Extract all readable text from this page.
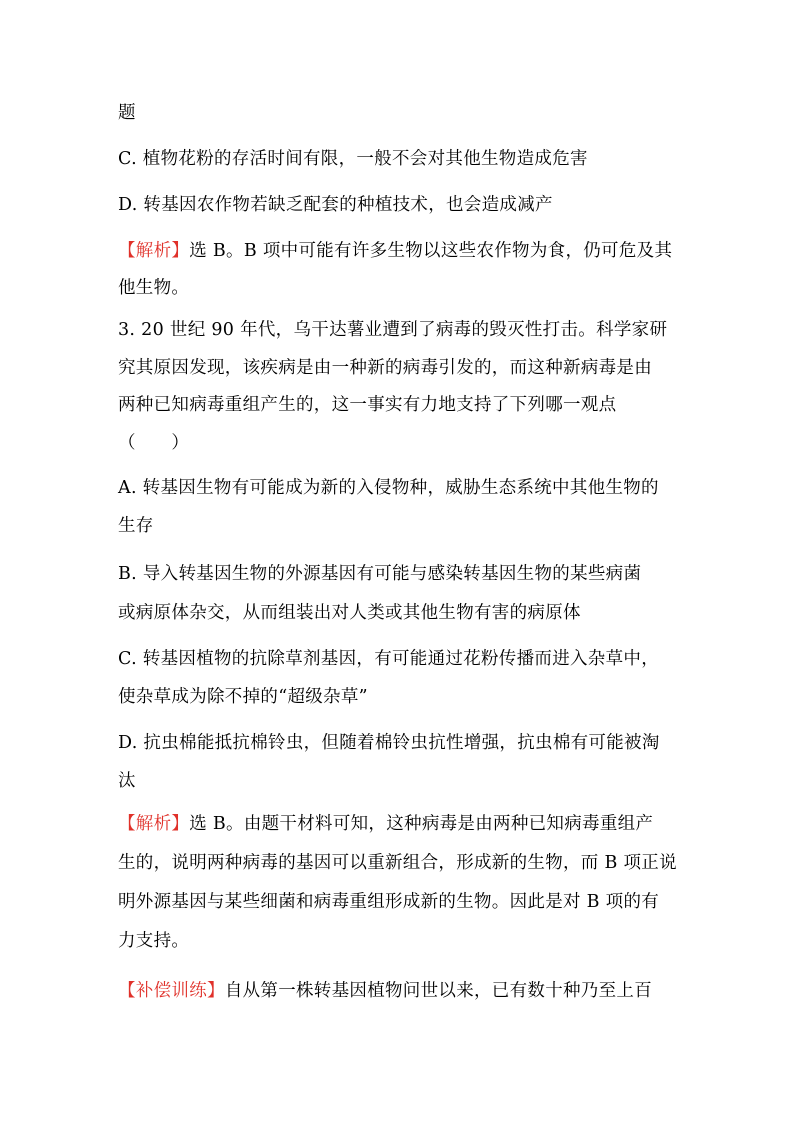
题

C. 植物花粉的存活时间有限，一般不会对其他生物造成危害

D. 转基因农作物若缺乏配套的种植技术，也会造成减产

【解析】选 B。B 项中可能有许多生物以这些农作物为食，仍可危及其

他生物。

3. 20 世纪 90 年代，乌干达薯业遭到了病毒的毁灭性打击。科学家研

究其原因发现，该疾病是由一种新的病毒引发的，而这种新病毒是由

两种已知病毒重组产生的，这一事实有力地支持了下列哪一观点

（　　）

A. 转基因生物有可能成为新的入侵物种，威胁生态系统中其他生物的

生存

B. 导入转基因生物的外源基因有可能与感染转基因生物的某些病菌

或病原体杂交，从而组装出对人类或其他生物有害的病原体

C. 转基因植物的抗除草剂基因，有可能通过花粉传播而进入杂草中，

使杂草成为除不掉的“超级杂草”

D. 抗虫棉能抵抗棉铃虫，但随着棉铃虫抗性增强，抗虫棉有可能被淘

汰

【解析】选 B。由题干材料可知，这种病毒是由两种已知病毒重组产

生的，说明两种病毒的基因可以重新组合，形成新的生物，而 B 项正说

明外源基因与某些细菌和病毒重组形成新的生物。因此是对 B 项的有

力支持。

【补偿训练】自从第一株转基因植物问世以来，已有数十种乃至上百
